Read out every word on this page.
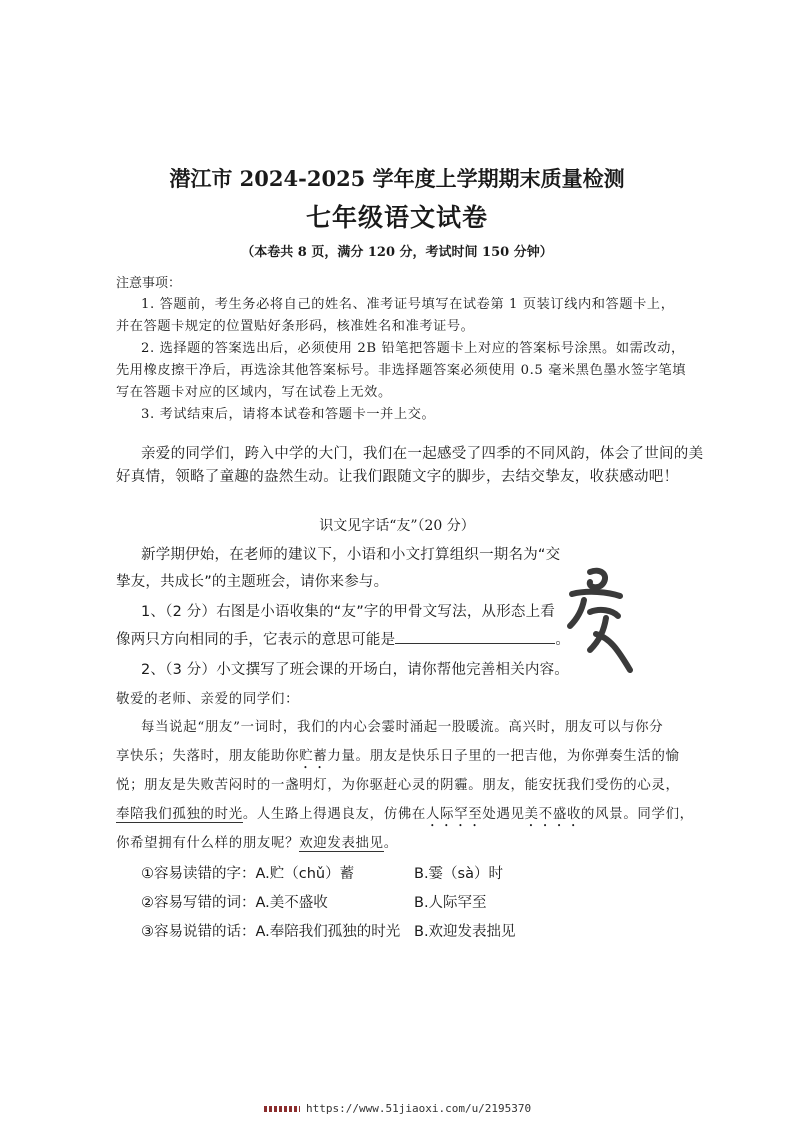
潜江市 2024-2025 学年度上学期期末质量检测
七年级语文试卷
（本卷共 8 页，满分 120 分，考试时间 150 分钟）
注意事项：
1. 答题前，考生务必将自己的姓名、准考证号填写在试卷第 1 页装订线内和答题卡上，
并在答题卡规定的位置贴好条形码，核准姓名和准考证号。
2. 选择题的答案选出后，必须使用 2B 铅笔把答题卡上对应的答案标号涂黑。如需改动，
先用橡皮擦干净后，再选涂其他答案标号。非选择题答案必须使用 0.5 毫米黑色墨水签字笔填
写在答题卡对应的区域内，写在试卷上无效。
3. 考试结束后，请将本试卷和答题卡一并上交。
亲爱的同学们，跨入中学的大门，我们在一起感受了四季的不同风韵，体会了世间的美
好真情，领略了童趣的盎然生动。让我们跟随文字的脚步，去结交挚友，收获感动吧！
识文见字话“友”（20 分）
新学期伊始，在老师的建议下，小语和小文打算组织一期名为“交
挚友，共成长”的主题班会，请你来参与。
1、（2 分）右图是小语收集的“友”字的甲骨文写法，从形态上看
像两只方向相同的手，它表示的意思可能是	。
2、（3 分）小文撰写了班会课的开场白，请你帮他完善相关内容。
敬爱的老师、亲爱的同学们：
每当说起“朋友”一词时，我们的内心会霎时涌起一股暖流。高兴时，朋友可以与你分
享快乐；失落时，朋友能助你贮蓄力量。朋友是快乐日子里的一把吉他，为你弹奏生活的愉
悦；朋友是失败苦闷时的一盏明灯，为你驱赶心灵的阴霾。朋友，能安抚我们受伤的心灵，
奉陪我们孤独的时光。人生路上得遇良友，仿佛在人际罕至处遇见美不盛收的风景。同学们，
你希望拥有什么样的朋友呢？欢迎发表拙见。
①容易读错的字：A.贮（chǔ）蓄	B.霎（sà）时
②容易写错的词：A.美不盛收	B.人际罕至
③容易说错的话：A.奉陪我们孤独的时光 B.欢迎发表拙见
https://www.51jiaoxi.com/u/2195370
